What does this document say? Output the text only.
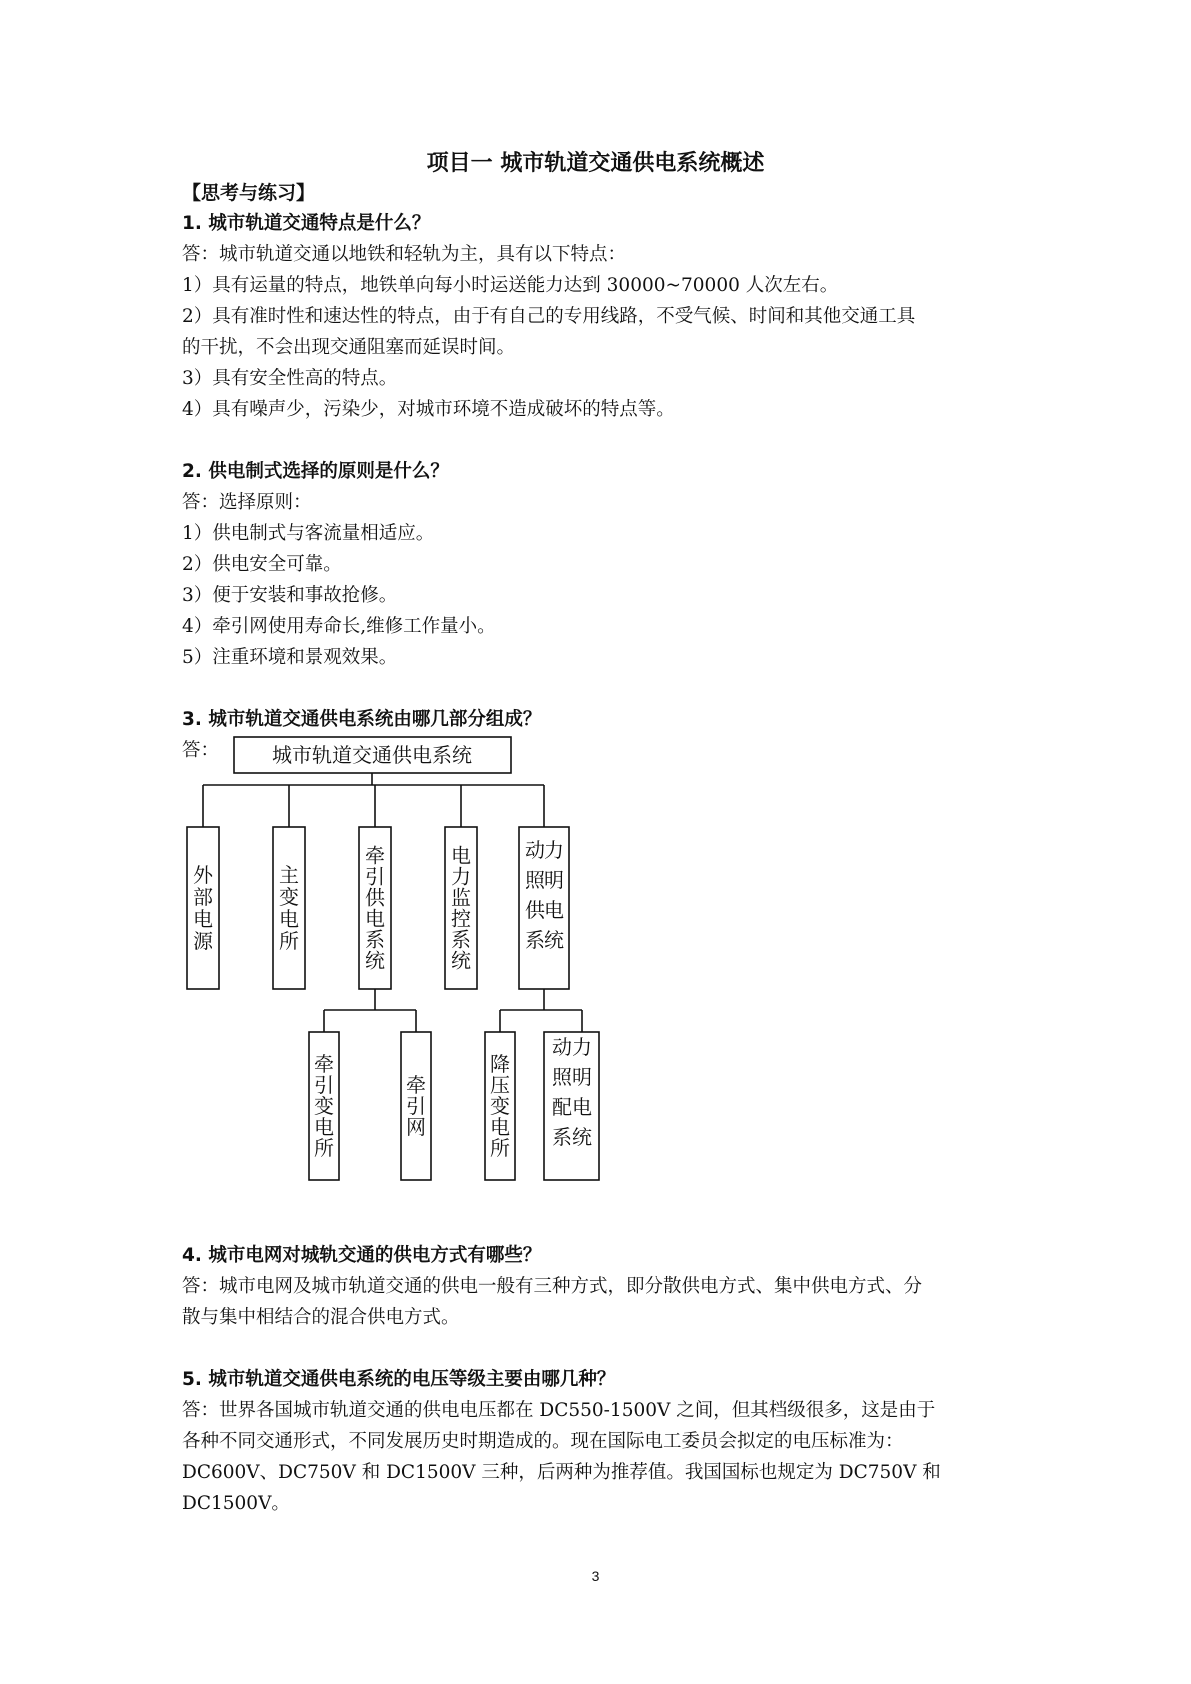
项目一 城市轨道交通供电系统概述
【思考与练习】
1. 城市轨道交通特点是什么？
答：城市轨道交通以地铁和轻轨为主，具有以下特点：
1）具有运量的特点，地铁单向每小时运送能力达到 30000~70000 人次左右。
2）具有准时性和速达性的特点，由于有自己的专用线路，不受气候、时间和其他交通工具
的干扰，不会出现交通阻塞而延误时间。
3）具有安全性高的特点。
4）具有噪声少，污染少，对城市环境不造成破坏的特点等。
2. 供电制式选择的原则是什么？
答：选择原则：
1）供电制式与客流量相适应。
2）供电安全可靠。
3）便于安装和事故抢修。
4）牵引网使用寿命长,维修工作量小。
5）注重环境和景观效果。
3. 城市轨道交通供电系统由哪几部分组成？
答：	城市轨道交通供电系统
外
部
电
源
主
变
电
所
牵
引
供
电
系
统
电
力
监
控
系
统
动 力
照 明
供 电
系 统
牵
引
变
电
所
牵
引
网
降
压
变
电
所
动 力
照 明
配 电
系 统
4. 城市电网对城轨交通的供电方式有哪些？
答：城市电网及城市轨道交通的供电一般有三种方式，即分散供电方式、集中供电方式、分
散与集中相结合的混合供电方式。
5. 城市轨道交通供电系统的电压等级主要由哪几种？
答：世界各国城市轨道交通的供电电压都在 DC550-1500V 之间，但其档级很多，这是由于
各种不同交通形式，不同发展历史时期造成的。现在国际电工委员会拟定的电压标准为：
DC600V、DC750V 和 DC1500V 三种，后两种为推荐值。我国国标也规定为 DC750V 和 DC1500V。
3
